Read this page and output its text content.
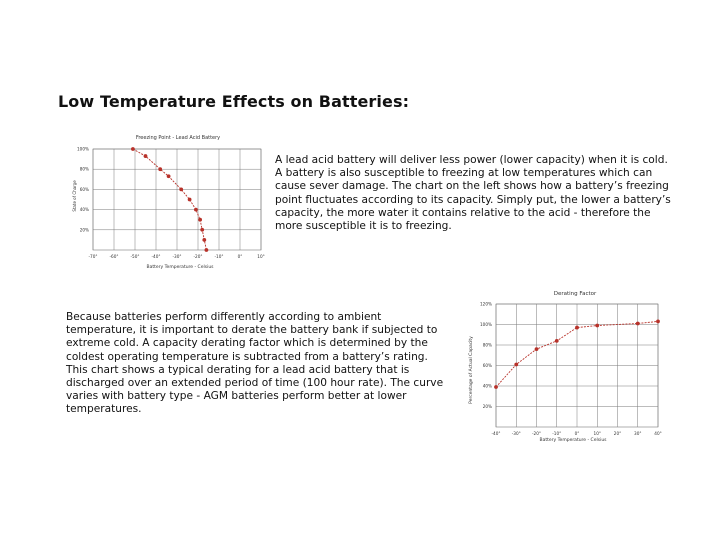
Low Temperature Effects on Batteries:
Freezing Point - Lead Acid Battery
-70°	-60°	-50°	-40°	-30°	-20°	-10°	0°	10°
100%
80%
60%
40%
20%
State of Charge
Battery Temperature - Celsius

A lead acid battery will deliver less power (lower capacity) when it is cold. A battery is also susceptible to freezing at low temperatures which can cause sever damage. The chart on the left shows how a battery’s freezing point fluctuates according to its capacity. Simply put, the lower a battery’s capacity, the more water it contains relative to the acid - therefore the more susceptible it is to freezing.

Because batteries perform differently according to ambient temperature, it is important to derate the battery bank if subjected to extreme cold. A capacity derating factor which is determined by the coldest operating temperature is subtracted from a battery’s rating. This chart shows a typical derating for a lead acid battery that is discharged over an extended period of time (100 hour rate). The curve varies with battery type - AGM batteries perform better at lower temperatures.

Derating Factor
-40°	-30°	-20°	-10°	0°	10°	20°	30°	40°
120%
100%
80%
60%
40%
20%
Percentage of Actual Capacity
Battery Temperature - Celsius
